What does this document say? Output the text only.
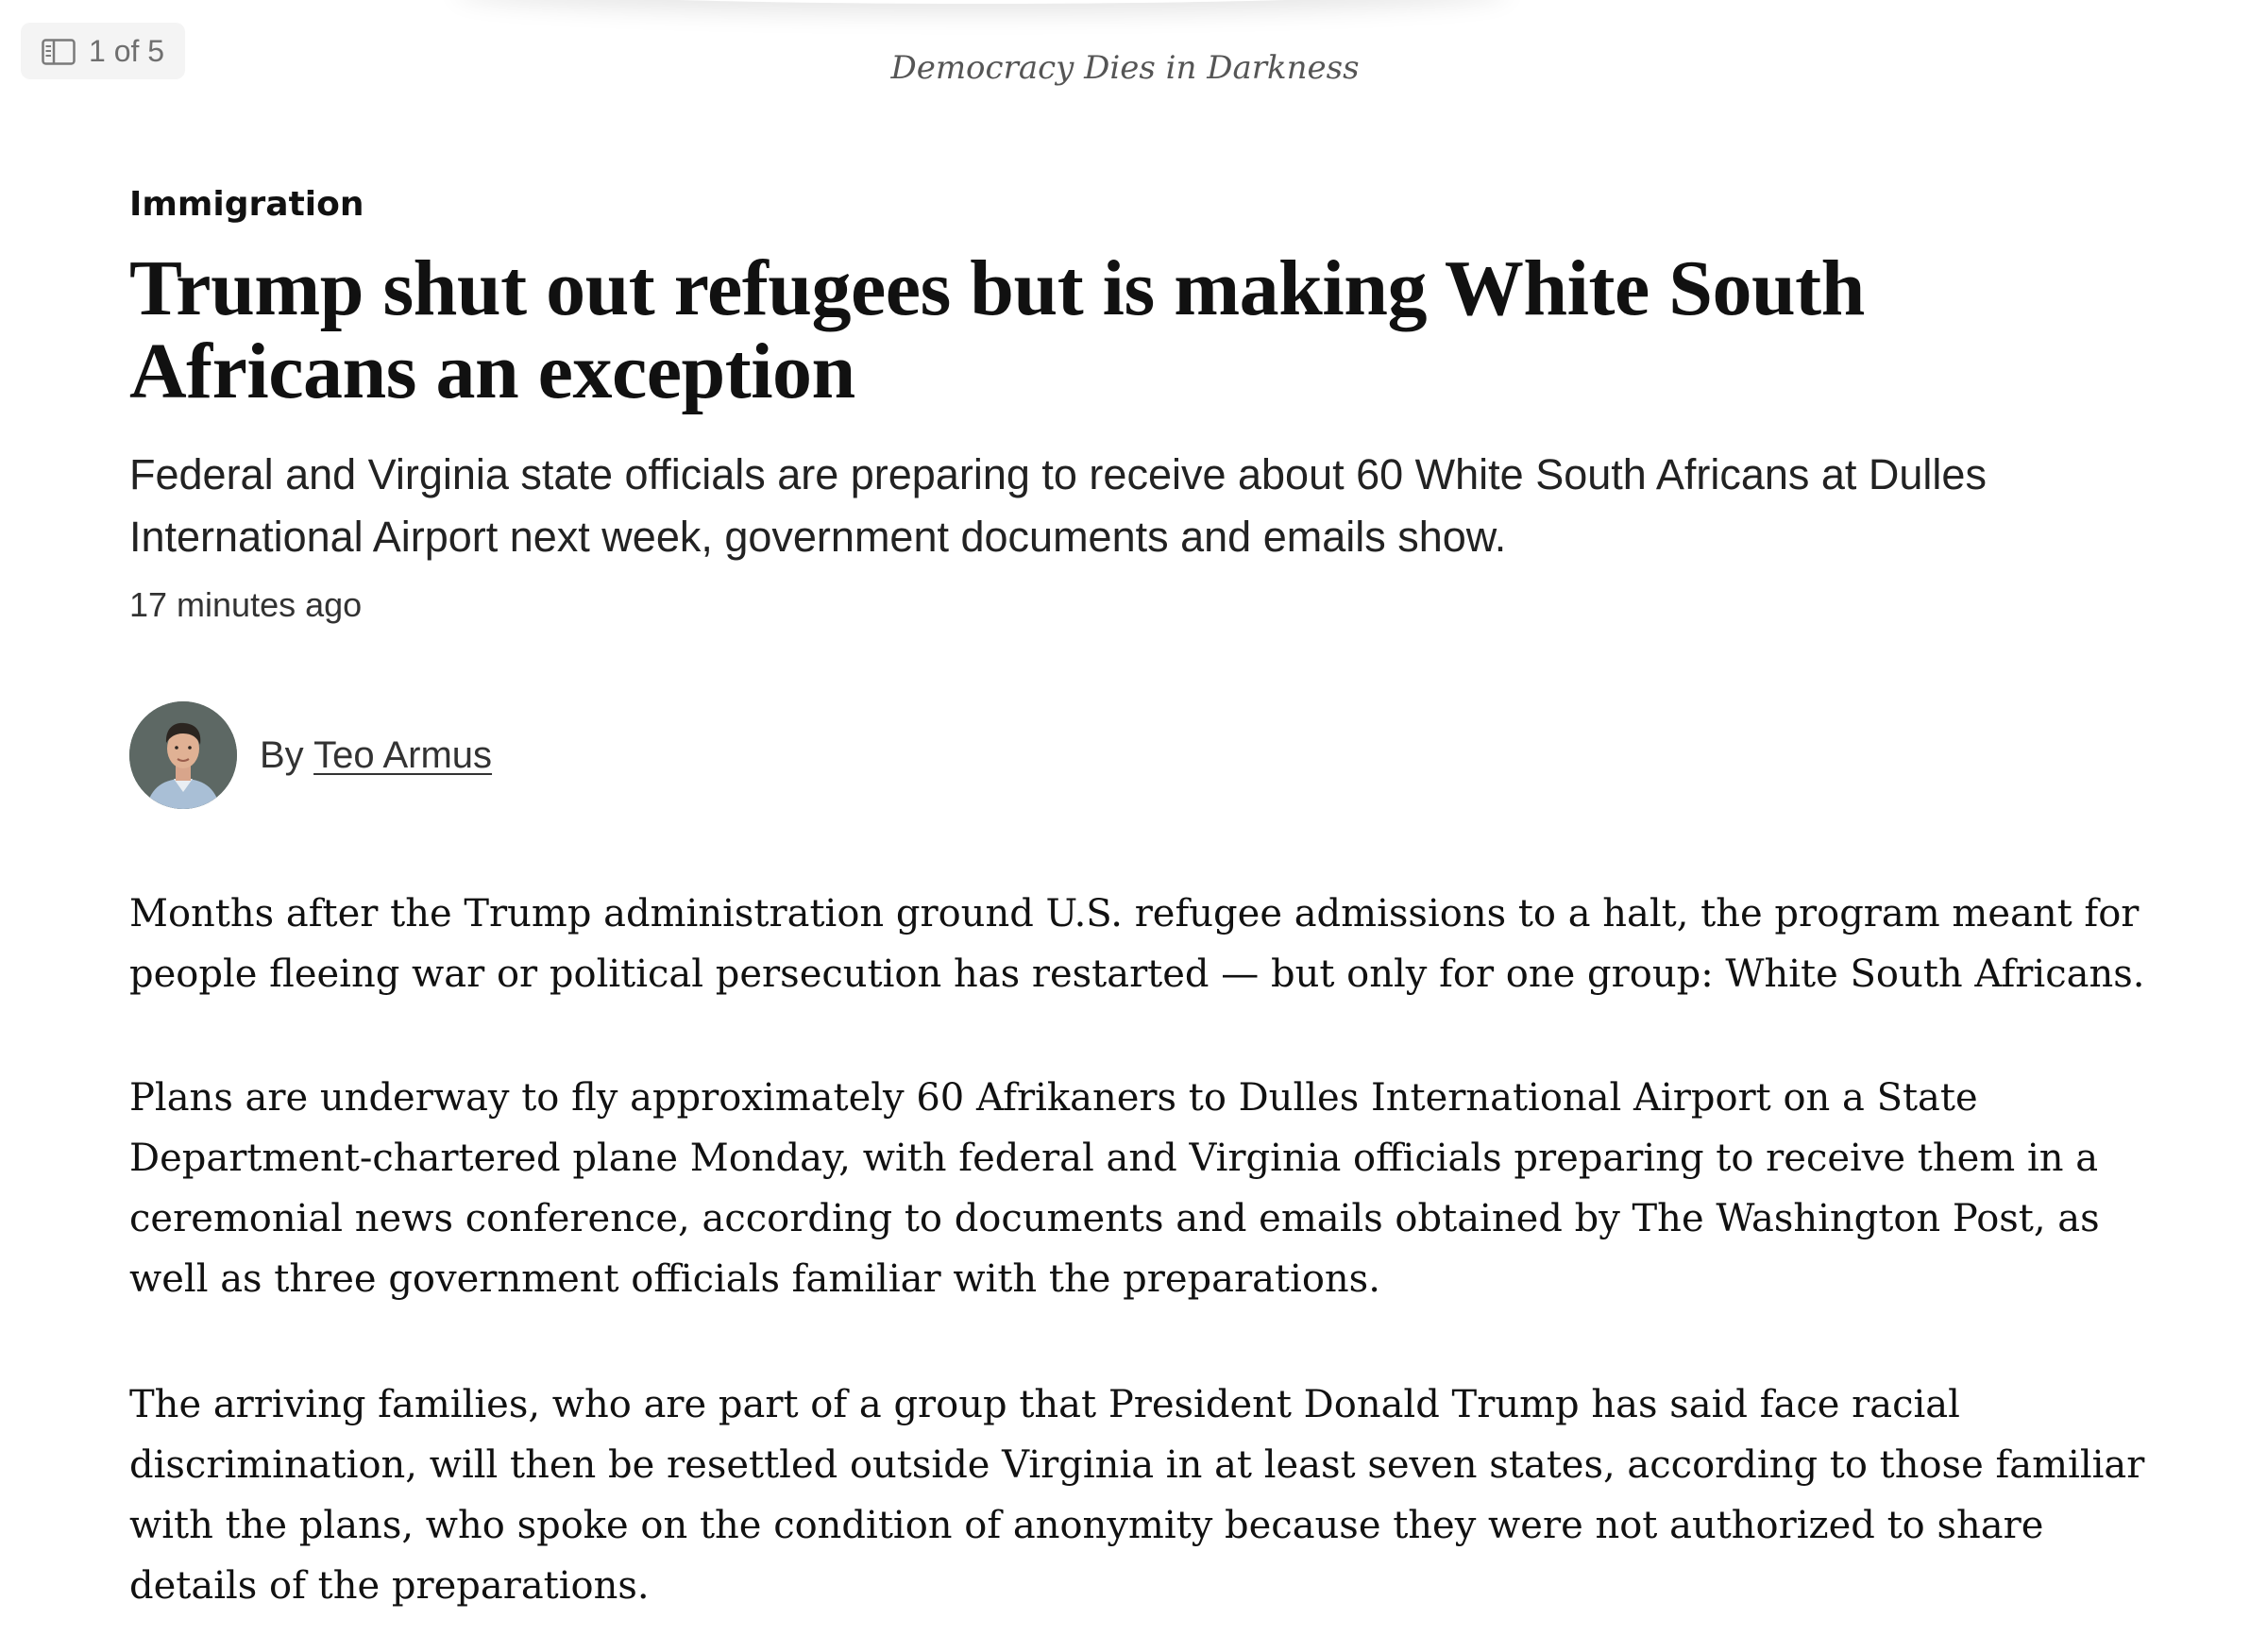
1 of 5	Democracy Dies in Darkness
Immigration
Trump shut out refugees but is making White South Africans an exception

Federal and Virginia state officials are preparing to receive about 60 White South Africans at Dulles International Airport next week, government documents and emails show.

17 minutes ago
By Teo Armus

Months after the Trump administration ground U.S. refugee admissions to a halt, the program meant for people fleeing war or political persecution has restarted — but only for one group: White South Africans.

Plans are underway to fly approximately 60 Afrikaners to Dulles International Airport on a State Department-chartered plane Monday, with federal and Virginia officials preparing to receive them in a ceremonial news conference, according to documents and emails obtained by The Washington Post, as well as three government officials familiar with the preparations.

The arriving families, who are part of a group that President Donald Trump has said face racial discrimination, will then be resettled outside Virginia in at least seven states, according to those familiar with the plans, who spoke on the condition of anonymity because they were not authorized to share details of the preparations.
